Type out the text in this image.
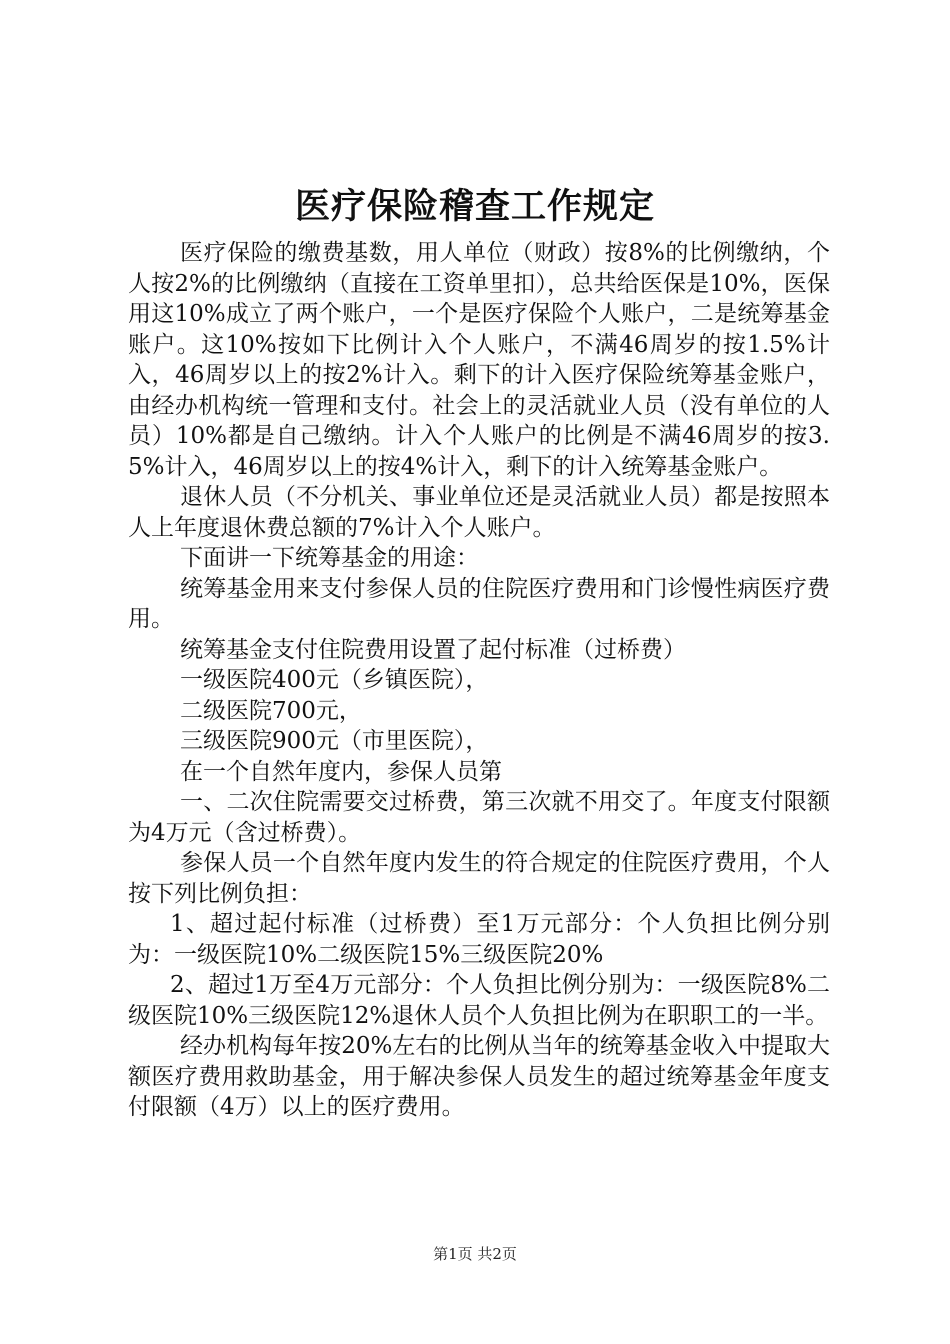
医疗保险稽查工作规定

医疗保险的缴费基数，用人单位（财政）按8%的比例缴纳，个人按2%的比例缴纳（直接在工资单里扣），总共给医保是10%，医保用这10%成立了两个账户，一个是医疗保险个人账户，二是统筹基金账户。这10%按如下比例计入个人账户，不满46周岁的按1.5%计入，46周岁以上的按2%计入。剩下的计入医疗保险统筹基金账户，由经办机构统一管理和支付。社会上的灵活就业人员（没有单位的人员）10%都是自己缴纳。计入个人账户的比例是不满46周岁的按3.5%计入，46周岁以上的按4%计入，剩下的计入统筹基金账户。

退休人员（不分机关、事业单位还是灵活就业人员）都是按照本人上年度退休费总额的7%计入个人账户。

下面讲一下统筹基金的用途：

统筹基金用来支付参保人员的住院医疗费用和门诊慢性病医疗费用。

统筹基金支付住院费用设置了起付标准（过桥费）

一级医院400元（乡镇医院），

二级医院700元，

三级医院900元（市里医院），

在一个自然年度内，参保人员第

一、二次住院需要交过桥费，第三次就不用交了。年度支付限额为4万元（含过桥费）。

参保人员一个自然年度内发生的符合规定的住院医疗费用，个人按下列比例负担：

1、超过起付标准（过桥费）至1万元部分：个人负担比例分别为：一级医院10%二级医院15%三级医院20%

2、超过1万至4万元部分：个人负担比例分别为：一级医院8%二级医院10%三级医院12%退休人员个人负担比例为在职职工的一半。

经办机构每年按20%左右的比例从当年的统筹基金收入中提取大额医疗费用救助基金，用于解决参保人员发生的超过统筹基金年度支付限额（4万）以上的医疗费用。

第1页 共2页
